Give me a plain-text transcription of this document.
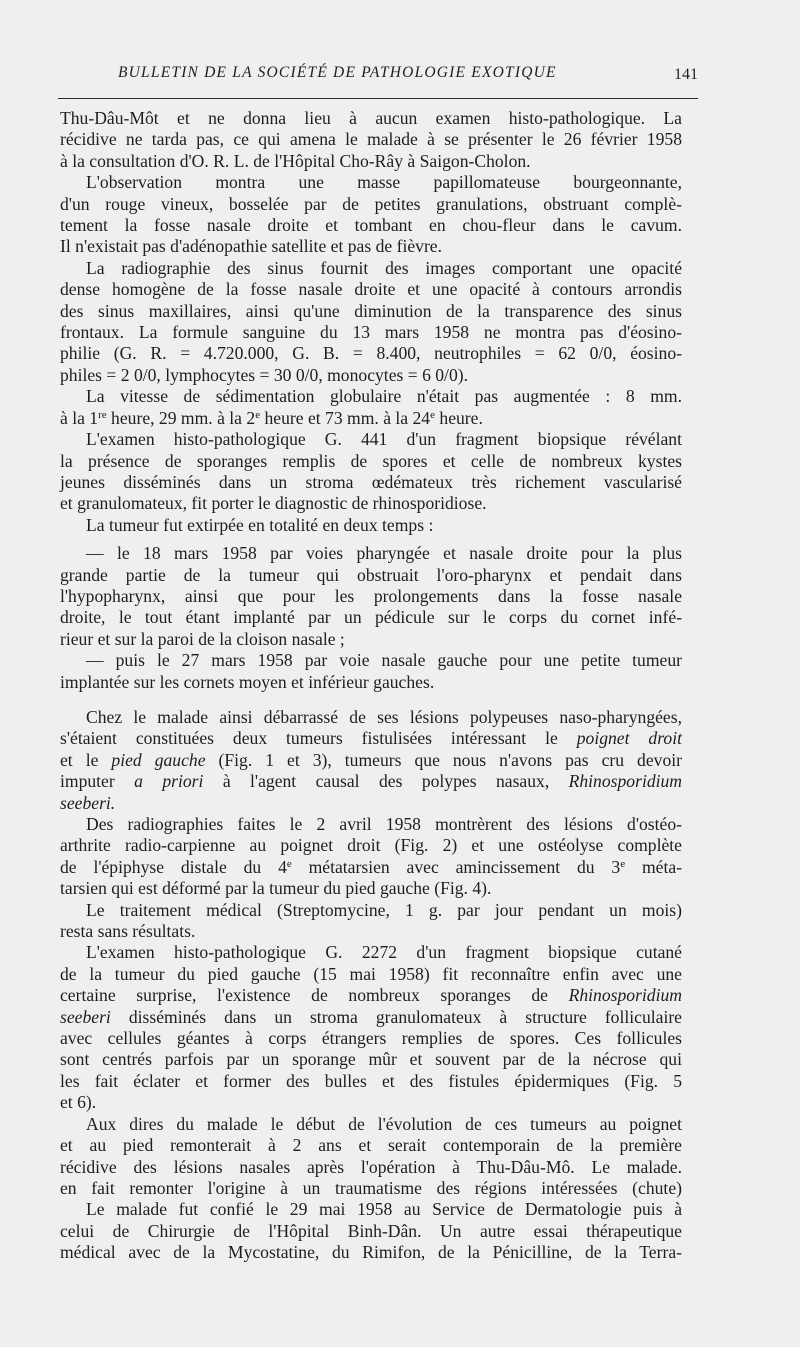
BULLETIN DE LA SOCIÉTÉ DE PATHOLOGIE EXOTIQUE	141
Thu-Dâu-Môt et ne donna lieu à aucun examen histo-pathologique. La
récidive ne tarda pas, ce qui amena le malade à se présenter le 26 février 1958
à la consultation d'O. R. L. de l'Hôpital Cho-Rây à Saigon-Cholon.
L'observation montra une masse papillomateuse bourgeonnante,
d'un rouge vineux, bosselée par de petites granulations, obstruant complè-
tement la fosse nasale droite et tombant en chou-fleur dans le cavum.
Il n'existait pas d'adénopathie satellite et pas de fièvre.
La radiographie des sinus fournit des images comportant une opacité
dense homogène de la fosse nasale droite et une opacité à contours arrondis
des sinus maxillaires, ainsi qu'une diminution de la transparence des sinus
frontaux. La formule sanguine du 13 mars 1958 ne montra pas d'éosino-
philie (G. R. = 4.720.000, G. B. = 8.400, neutrophiles = 62 0/0, éosino-
philes = 2 0/0, lymphocytes = 30 0/0, monocytes = 6 0/0).
La vitesse de sédimentation globulaire n'était pas augmentée : 8 mm.
à la 1re heure, 29 mm. à la 2e heure et 73 mm. à la 24e heure.
L'examen histo-pathologique G. 441 d'un fragment biopsique révélant
la présence de sporanges remplis de spores et celle de nombreux kystes
jeunes disséminés dans un stroma œdémateux très richement vascularisé
et granulomateux, fit porter le diagnostic de rhinosporidiose.
La tumeur fut extirpée en totalité en deux temps :
— le 18 mars 1958 par voies pharyngée et nasale droite pour la plus
grande partie de la tumeur qui obstruait l'oro-pharynx et pendait dans
l'hypopharynx, ainsi que pour les prolongements dans la fosse nasale
droite, le tout étant implanté par un pédicule sur le corps du cornet infé-
rieur et sur la paroi de la cloison nasale ;
— puis le 27 mars 1958 par voie nasale gauche pour une petite tumeur
implantée sur les cornets moyen et inférieur gauches.
Chez le malade ainsi débarrassé de ses lésions polypeuses naso-pharyngées,
s'étaient constituées deux tumeurs fistulisées intéressant le poignet droit
et le pied gauche (Fig. 1 et 3), tumeurs que nous n'avons pas cru devoir
imputer a priori à l'agent causal des polypes nasaux, Rhinosporidium
seeberi.
Des radiographies faites le 2 avril 1958 montrèrent des lésions d'ostéo-
arthrite radio-carpienne au poignet droit (Fig. 2) et une ostéolyse complète
de l'épiphyse distale du 4e métatarsien avec amincissement du 3e méta-
tarsien qui est déformé par la tumeur du pied gauche (Fig. 4).
Le traitement médical (Streptomycine, 1 g. par jour pendant un mois)
resta sans résultats.
L'examen histo-pathologique G. 2272 d'un fragment biopsique cutané
de la tumeur du pied gauche (15 mai 1958) fit reconnaître enfin avec une
certaine surprise, l'existence de nombreux sporanges de Rhinosporidium
seeberi disséminés dans un stroma granulomateux à structure folliculaire
avec cellules géantes à corps étrangers remplies de spores. Ces follicules
sont centrés parfois par un sporange mûr et souvent par de la nécrose qui
les fait éclater et former des bulles et des fistules épidermiques (Fig. 5
et 6).
Aux dires du malade le début de l'évolution de ces tumeurs au poignet
et au pied remonterait à 2 ans et serait contemporain de la première
récidive des lésions nasales après l'opération à Thu-Dâu-Mô. Le malade.
en fait remonter l'origine à un traumatisme des régions intéressées (chute)
Le malade fut confié le 29 mai 1958 au Service de Dermatologie puis à
celui de Chirurgie de l'Hôpital Binh-Dân. Un autre essai thérapeutique
médical avec de la Mycostatine, du Rimifon, de la Pénicilline, de la Terra-
